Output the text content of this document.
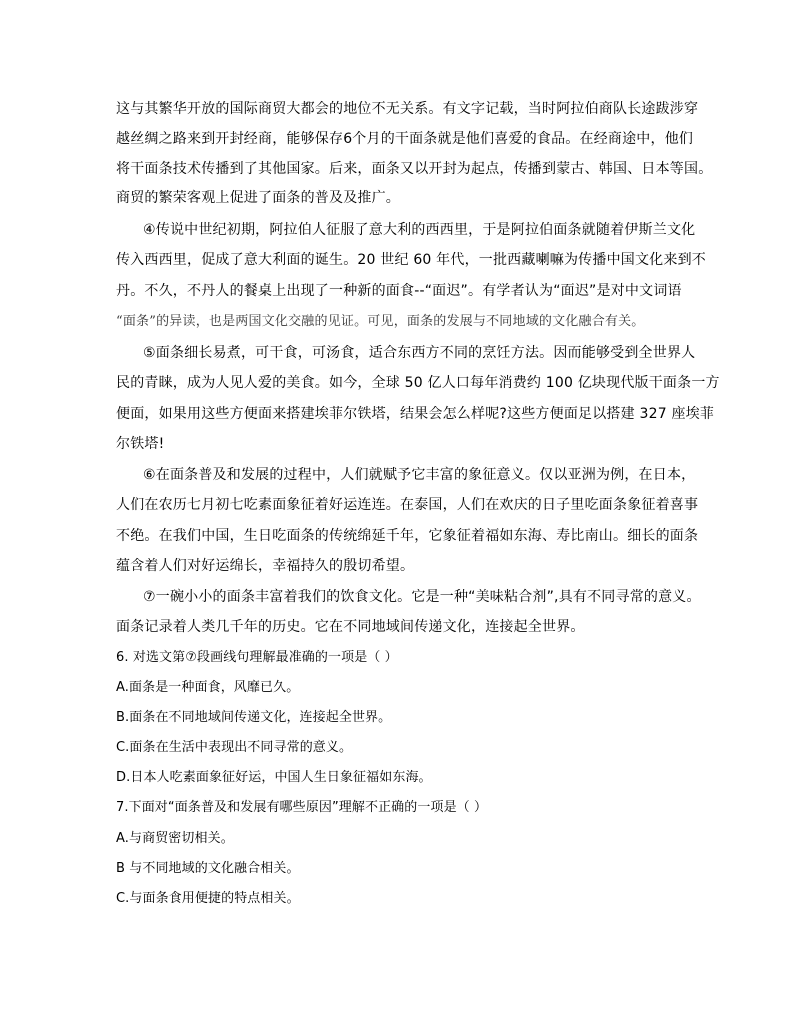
这与其繁华开放的国际商贸大都会的地位不无关系。有文字记载，当时阿拉伯商队长途跋涉穿
越丝绸之路来到开封经商，能够保存6个月的干面条就是他们喜爱的食品。在经商途中，他们
将干面条技术传播到了其他国家。后来，面条又以开封为起点，传播到蒙古、韩国、日本等国。
商贸的繁荣客观上促进了面条的普及及推广。
④传说中世纪初期，阿拉伯人征服了意大利的西西里，于是阿拉伯面条就随着伊斯兰文化
传入西西里，促成了意大利面的诞生。20 世纪 60 年代，一批西藏喇嘛为传播中国文化来到不
丹。不久，不丹人的餐桌上出现了一种新的面食--“面迟”。有学者认为“面迟”是对中文词语
“面条”的异读，也是两国文化交融的见证。可见，面条的发展与不同地域的文化融合有关。
⑤面条细长易煮，可干食，可汤食，适合东西方不同的烹饪方法。因而能够受到全世界人
民的青睐，成为人见人爱的美食。如今，全球 50 亿人口每年消费约 100 亿块现代版干面条一方
便面，如果用这些方便面来搭建埃菲尔铁塔，结果会怎么样呢?这些方便面足以搭建 327 座埃菲
尔铁塔!
⑥在面条普及和发展的过程中，人们就赋予它丰富的象征意义。仅以亚洲为例，在日本，
人们在农历七月初七吃素面象征着好运连连。在泰国，人们在欢庆的日子里吃面条象征着喜事
不绝。在我们中国，生日吃面条的传统绵延千年，它象征着福如东海、寿比南山。细长的面条
蕴含着人们对好运绵长，幸福持久的殷切希望。
⑦一碗小小的面条丰富着我们的饮食文化。它是一种“美味粘合剂”,具有不同寻常的意义。
面条记录着人类几千年的历史。它在不同地域间传递文化，连接起全世界。
6. 对选文第⑦段画线句理解最准确的一项是（ ）
A.面条是一种面食，风靡已久。
B.面条在不同地域间传递文化，连接起全世界。
C.面条在生活中表现出不同寻常的意义。
D.日本人吃素面象征好运，中国人生日象征福如东海。
7.下面对“面条普及和发展有哪些原因”理解不正确的一项是（ ）
A.与商贸密切相关。
B 与不同地域的文化融合相关。
C.与面条食用便捷的特点相关。
